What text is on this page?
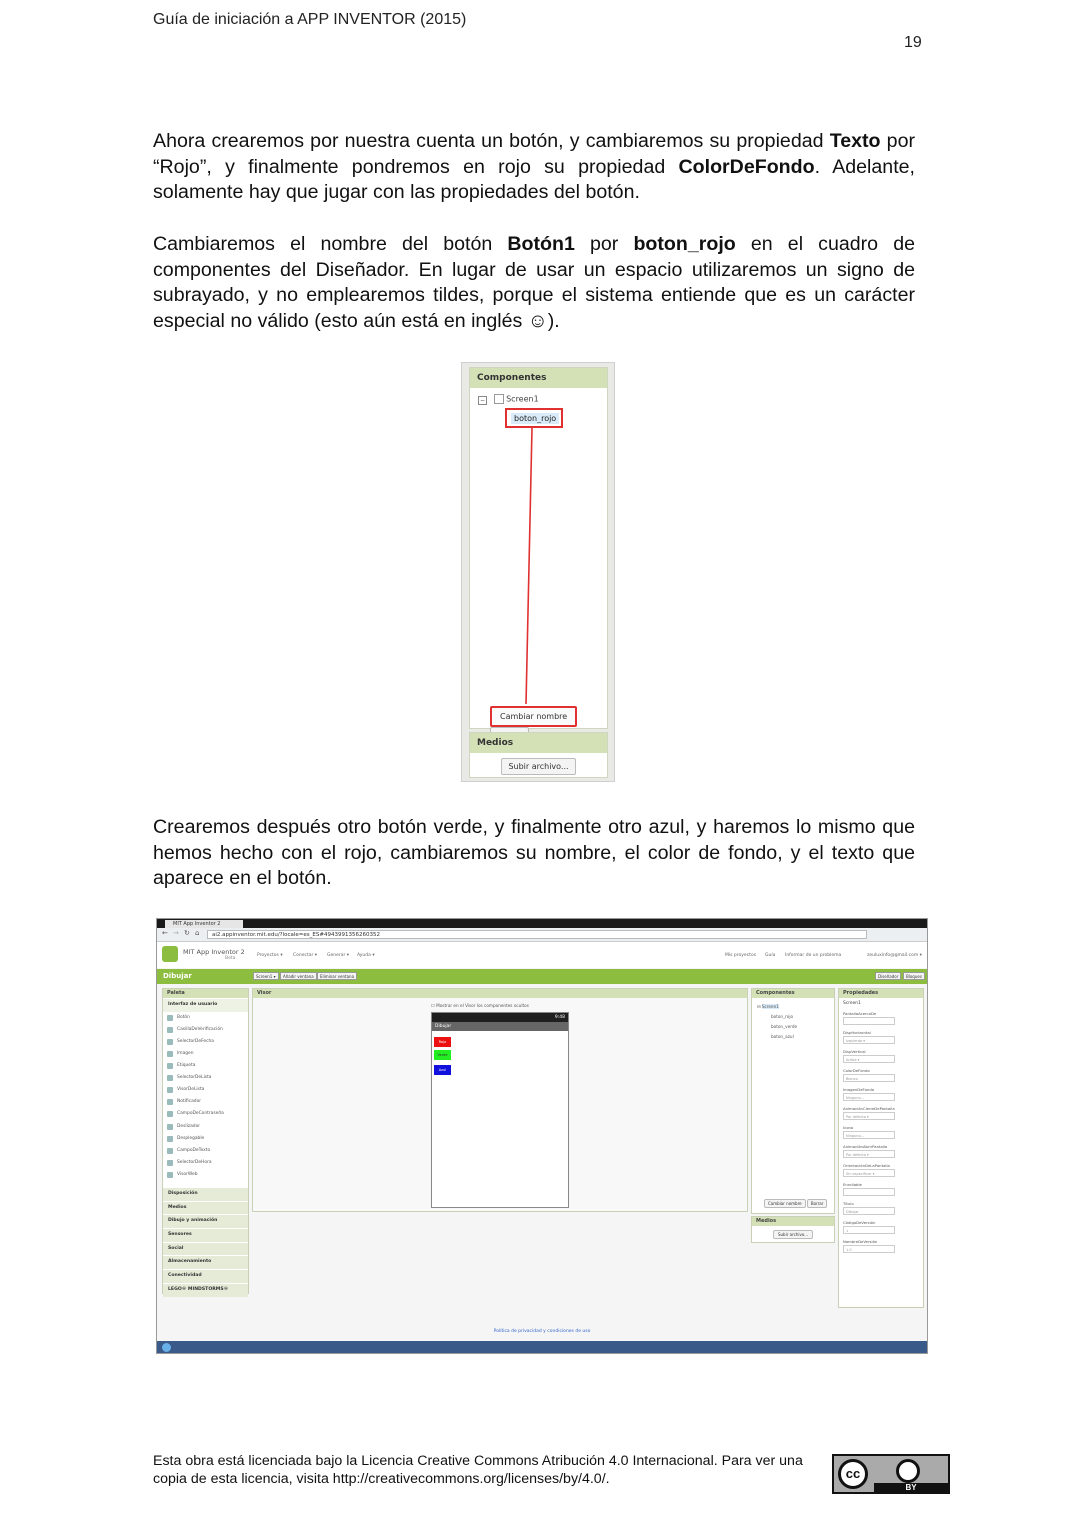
Guía de iniciación a APP INVENTOR (2015)
19
Ahora crearemos por nuestra cuenta un botón, y cambiaremos su propiedad Texto por “Rojo”, y finalmente pondremos en rojo su propiedad ColorDeFondo. Adelante, solamente hay que jugar con las propiedades del botón.
Cambiaremos el nombre del botón Botón1 por boton_rojo en el cuadro de componentes del Diseñador. En lugar de usar un espacio utilizaremos un signo de subrayado, y no emplearemos tildes, porque el sistema entiende que es un carácter especial no válido (esto aún está en inglés ☺).
Componentes
−	Screen1
boton_rojo
Cambiar nombre
Medios
Subir archivo...
Crearemos después otro botón verde, y finalmente otro azul, y haremos lo mismo que hemos hecho con el rojo, cambiaremos su nombre, el color de fondo, y el texto que aparece en el botón.
MIT App Inventor 2
← → ↻ ⌂	ai2.appinventor.mit.edu/?locale=es_ES#4943991356260352
MIT App Inventor 2
Beta
Proyectos ▾ Conectar ▾ Generar ▾ Ayuda ▾	Mis proyectos Guía Informar de un problema	zeuluxinfo@gmail.com ▾
Dibujar	Screen1 ▾	Añadir ventana	Eliminar ventana	Diseñador	Bloques
Paleta
Interfaz de usuario
Botón
CasillaDeVerificación
SelectorDeFecha
Imagen
Etiqueta
SelectorDeLista
VisorDeLista
Notificador
CampoDeContraseña
Deslizador
Desplegable
CampoDeTexto
SelectorDeHora
VisorWeb
Disposición
Medios
Dibujo y animación
Sensores
Social
Almacenamiento
Conectividad
LEGO® MINDSTORMS®
Visor
☐ Mostrar en el Visor los componentes ocultos
9:48
Dibujar
Rojo
Verde
Azul
Componentes
⊟ Screen1
boton_rojo
boton_verde
boton_azul
Cambiar nombre Borrar
Medios
Subir archivo...
Propiedades
Screen1
PantallaAcercaDe
DispHorizontal
Izquierda ▾
DispVertical
Arriba ▾
ColorDeFondo
Blanco
ImagenDeFondo
Ninguno...
AnimaciónCierreDePantalla
Por defecto ▾
Icono
Ninguno...
AnimaciónAbrirPantalla
Por defecto ▾
OrientaciónDeLaPantalla
Sin especificar ▾
Enrollable
Título
Dibujar
CódigoDeVersión
1
NombreDeVersión
1.0
Política de privacidad y condiciones de uso
Esta obra está licenciada bajo la Licencia Creative Commons Atribución 4.0 Internacional. Para ver una
copia de esta licencia, visita http://creativecommons.org/licenses/by/4.0/.	cc
BY
